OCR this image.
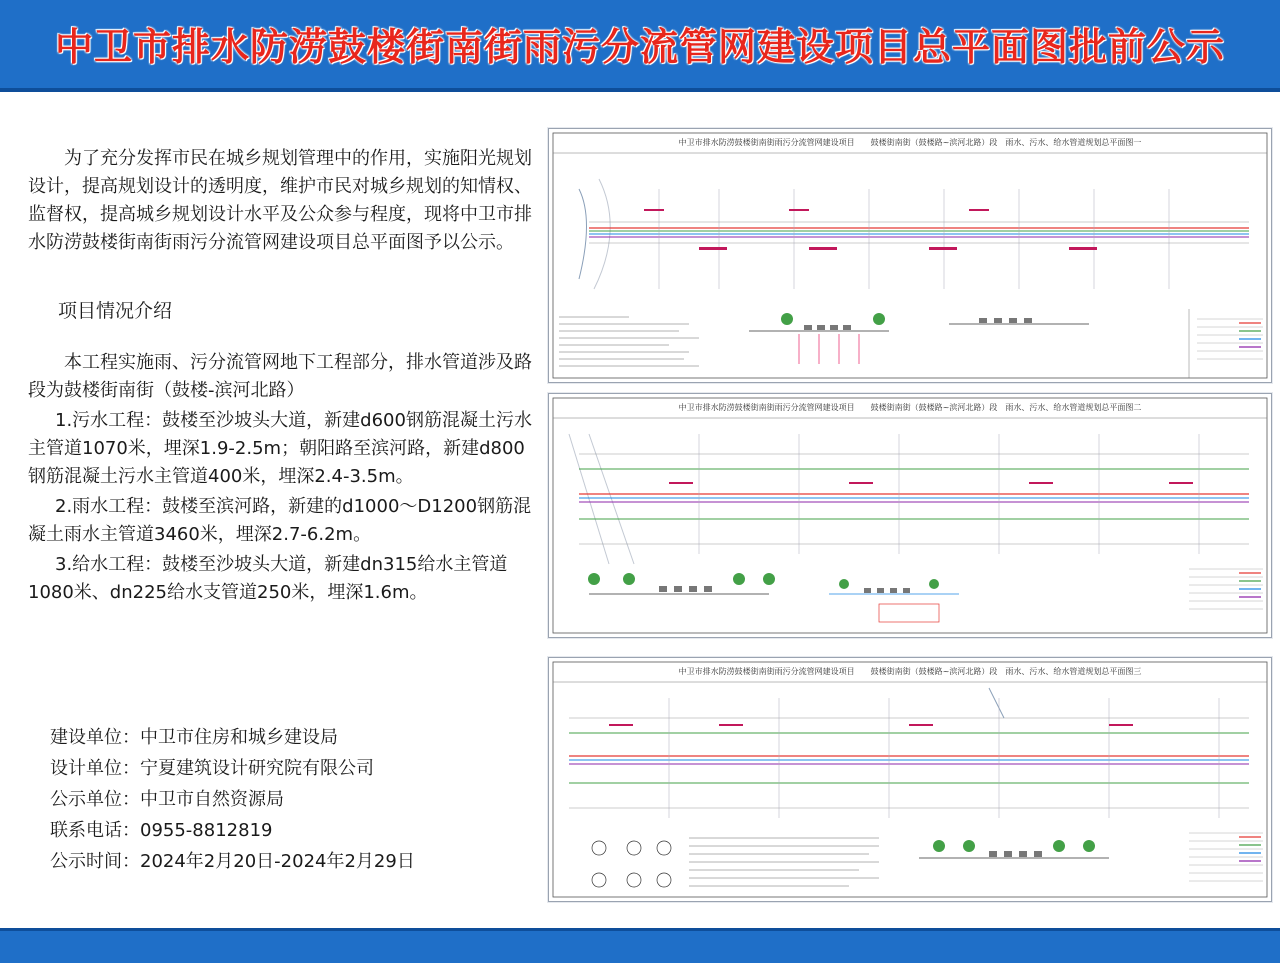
中卫市排水防涝鼓楼街南街雨污分流管网建设项目总平面图批前公示

为了充分发挥市民在城乡规划管理中的作用，实施阳光规划设计，提高规划设计的透明度，维护市民对城乡规划的知情权、监督权，提高城乡规划设计水平及公众参与程度，现将中卫市排水防涝鼓楼街南街雨污分流管网建设项目总平面图予以公示。

项目情况介绍

本工程实施雨、污分流管网地下工程部分，排水管道涉及路段为鼓楼街南街（鼓楼-滨河北路）

1.污水工程：鼓楼至沙坡头大道，新建d600钢筋混凝土污水主管道1070米，埋深1.9-2.5m；朝阳路至滨河路，新建d800钢筋混凝土污水主管道400米，埋深2.4-3.5m。

2.雨水工程：鼓楼至滨河路，新建的d1000～D1200钢筋混凝土雨水主管道3460米，埋深2.7-6.2m。

3.给水工程：鼓楼至沙坡头大道，新建dn315给水主管道1080米、dn225给水支管道250米，埋深1.6m。

建设单位：中卫市住房和城乡建设局
设计单位：宁夏建筑设计研究院有限公司
公示单位：中卫市自然资源局
联系电话：0955-8812819
公示时间：2024年2月20日-2024年2月29日
中卫市排水防涝鼓楼街南街雨污分流管网建设项目　　鼓楼街南街（鼓楼路~滨河北路）段　雨水、污水、给水管道规划总平面图一
中卫市排水防涝鼓楼街南街雨污分流管网建设项目　　鼓楼街南街（鼓楼路~滨河北路）段　雨水、污水、给水管道规划总平面图二
中卫市排水防涝鼓楼街南街雨污分流管网建设项目　　鼓楼街南街（鼓楼路~滨河北路）段　雨水、污水、给水管道规划总平面图三
